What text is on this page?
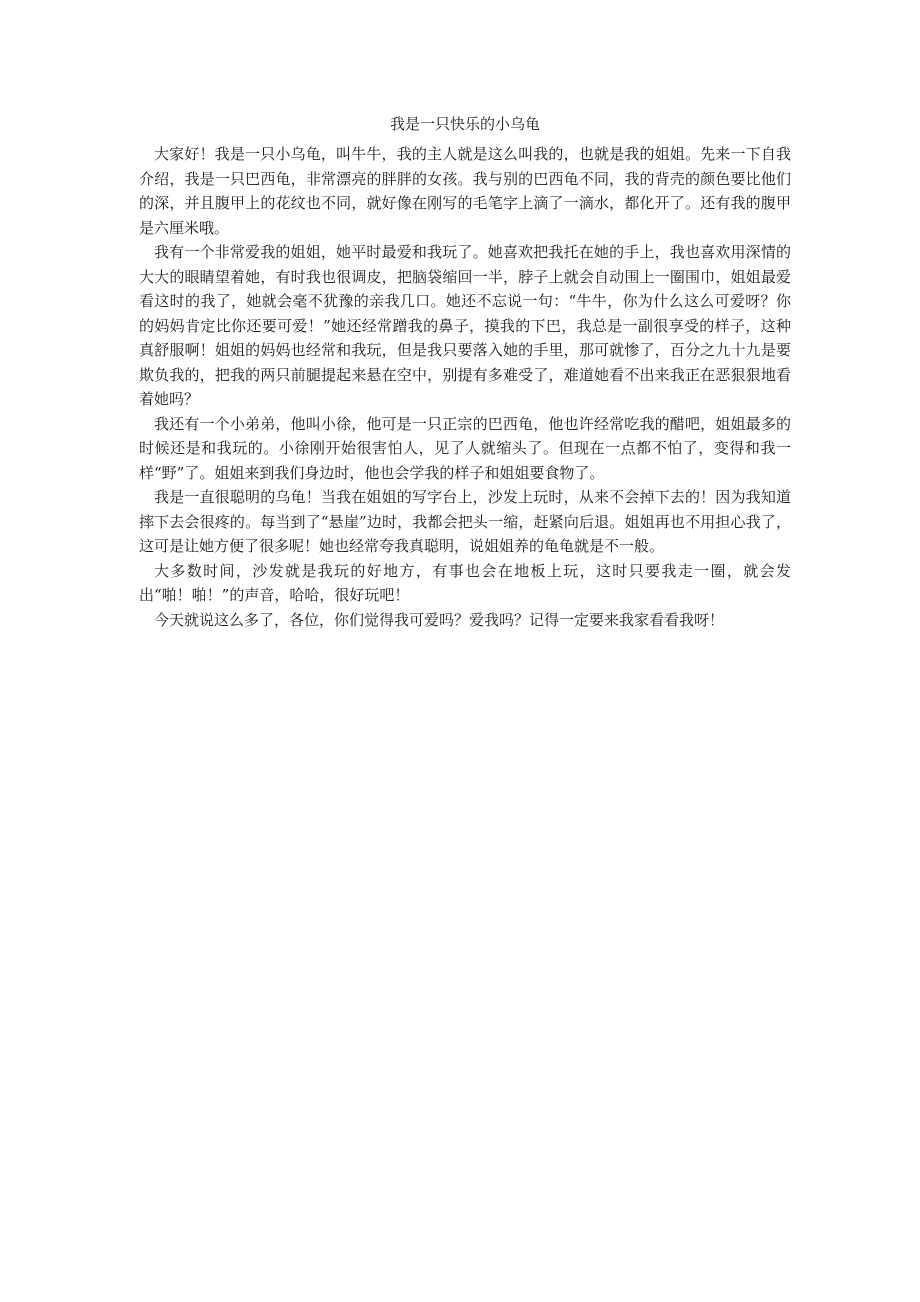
我是一只快乐的小乌龟

大家好！我是一只小乌龟，叫牛牛，我的主人就是这么叫我的，也就是我的姐姐。先来一下自我介绍，我是一只巴西龟，非常漂亮的胖胖的女孩。我与别的巴西龟不同，我的背壳的颜色要比他们的深，并且腹甲上的花纹也不同，就好像在刚写的毛笔字上滴了一滴水，都化开了。还有我的腹甲是六厘米哦。

我有一个非常爱我的姐姐，她平时最爱和我玩了。她喜欢把我托在她的手上，我也喜欢用深情的大大的眼睛望着她，有时我也很调皮，把脑袋缩回一半，脖子上就会自动围上一圈围巾，姐姐最爱看这时的我了，她就会毫不犹豫的亲我几口。她还不忘说一句：“牛牛，你为什么这么可爱呀？你的妈妈肯定比你还要可爱！”她还经常蹭我的鼻子，摸我的下巴，我总是一副很享受的样子，这种真舒服啊！姐姐的妈妈也经常和我玩，但是我只要落入她的手里，那可就惨了，百分之九十九是要欺负我的，把我的两只前腿提起来悬在空中，别提有多难受了，难道她看不出来我正在恶狠狠地看着她吗？

我还有一个小弟弟，他叫小徐，他可是一只正宗的巴西龟，他也许经常吃我的醋吧，姐姐最多的时候还是和我玩的。小徐刚开始很害怕人，见了人就缩头了。但现在一点都不怕了，变得和我一样“野”了。姐姐来到我们身边时，他也会学我的样子和姐姐要食物了。

我是一直很聪明的乌龟！当我在姐姐的写字台上，沙发上玩时，从来不会掉下去的！因为我知道摔下去会很疼的。每当到了“悬崖”边时，我都会把头一缩，赶紧向后退。姐姐再也不用担心我了，这可是让她方便了很多呢！她也经常夸我真聪明，说姐姐养的龟龟就是不一般。

大多数时间，沙发就是我玩的好地方，有事也会在地板上玩，这时只要我走一圈，就会发出“啪！啪！”的声音，哈哈，很好玩吧！

今天就说这么多了，各位，你们觉得我可爱吗？爱我吗？记得一定要来我家看看我呀！
